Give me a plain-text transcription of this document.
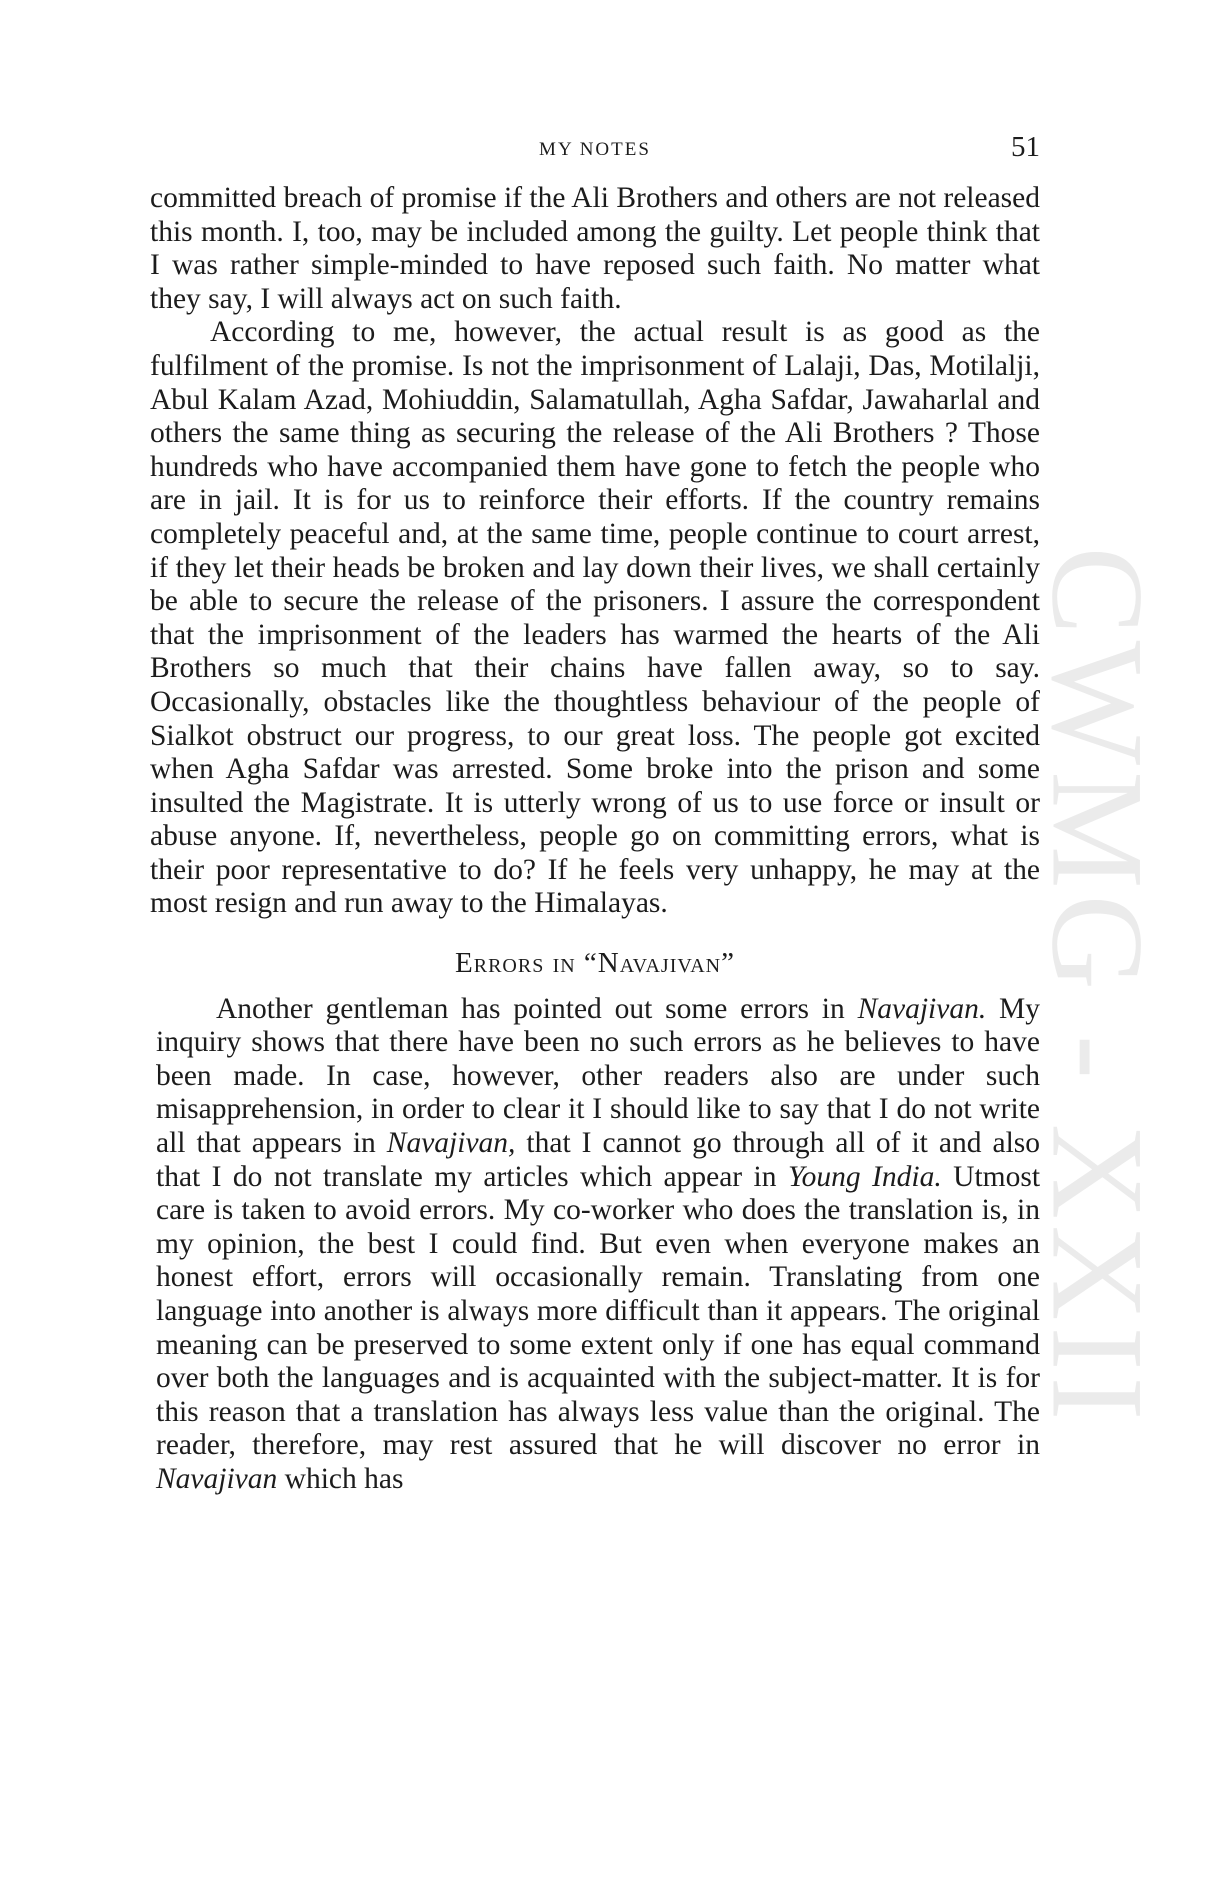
CWMG - XXII
MY NOTES	51

committed breach of promise if the Ali Brothers and others are not released this month. I, too, may be included among the guilty. Let people think that I was rather simple-minded to have reposed such faith. No matter what they say, I will always act on such faith.

According to me, however, the actual result is as good as the fulfilment of the promise. Is not the imprisonment of Lalaji, Das, Motilalji, Abul Kalam Azad, Mohiuddin, Salamatullah, Agha Safdar, Jawaharlal and others the same thing as securing the release of the Ali Brothers ? Those hundreds who have accompanied them have gone to fetch the people who are in jail. It is for us to reinforce their efforts. If the country remains completely peaceful and, at the same time, people continue to court arrest, if they let their heads be broken and lay down their lives, we shall certainly be able to secure the release of the prisoners. I assure the correspondent that the imprisonment of the leaders has warmed the hearts of the Ali Brothers so much that their chains have fallen away, so to say. Occasionally, obstacles like the thoughtless behaviour of the people of Sialkot obstruct our progress, to our great loss. The people got excited when Agha Safdar was arrested. Some broke into the prison and some insulted the Magistrate. It is utterly wrong of us to use force or insult or abuse anyone. If, nevertheless, people go on committing errors, what is their poor representative to do? If he feels very unhappy, he may at the most resign and run away to the Himalayas.

Errors in “Navajivan”

Another gentleman has pointed out some errors in Navajivan. My inquiry shows that there have been no such errors as he believes to have been made. In case, however, other readers also are under such misapprehension, in order to clear it I should like to say that I do not write all that appears in Navajivan, that I cannot go through all of it and also that I do not translate my articles which appear in Young India. Utmost care is taken to avoid errors. My co-worker who does the translation is, in my opinion, the best I could find. But even when everyone makes an honest effort, errors will occasionally remain. Translating from one language into another is always more difficult than it appears. The original meaning can be preserved to some extent only if one has equal command over both the languages and is acquainted with the subject-matter. It is for this reason that a translation has always less value than the original. The reader, therefore, may rest assured that he will discover no error in Navajivan which has
